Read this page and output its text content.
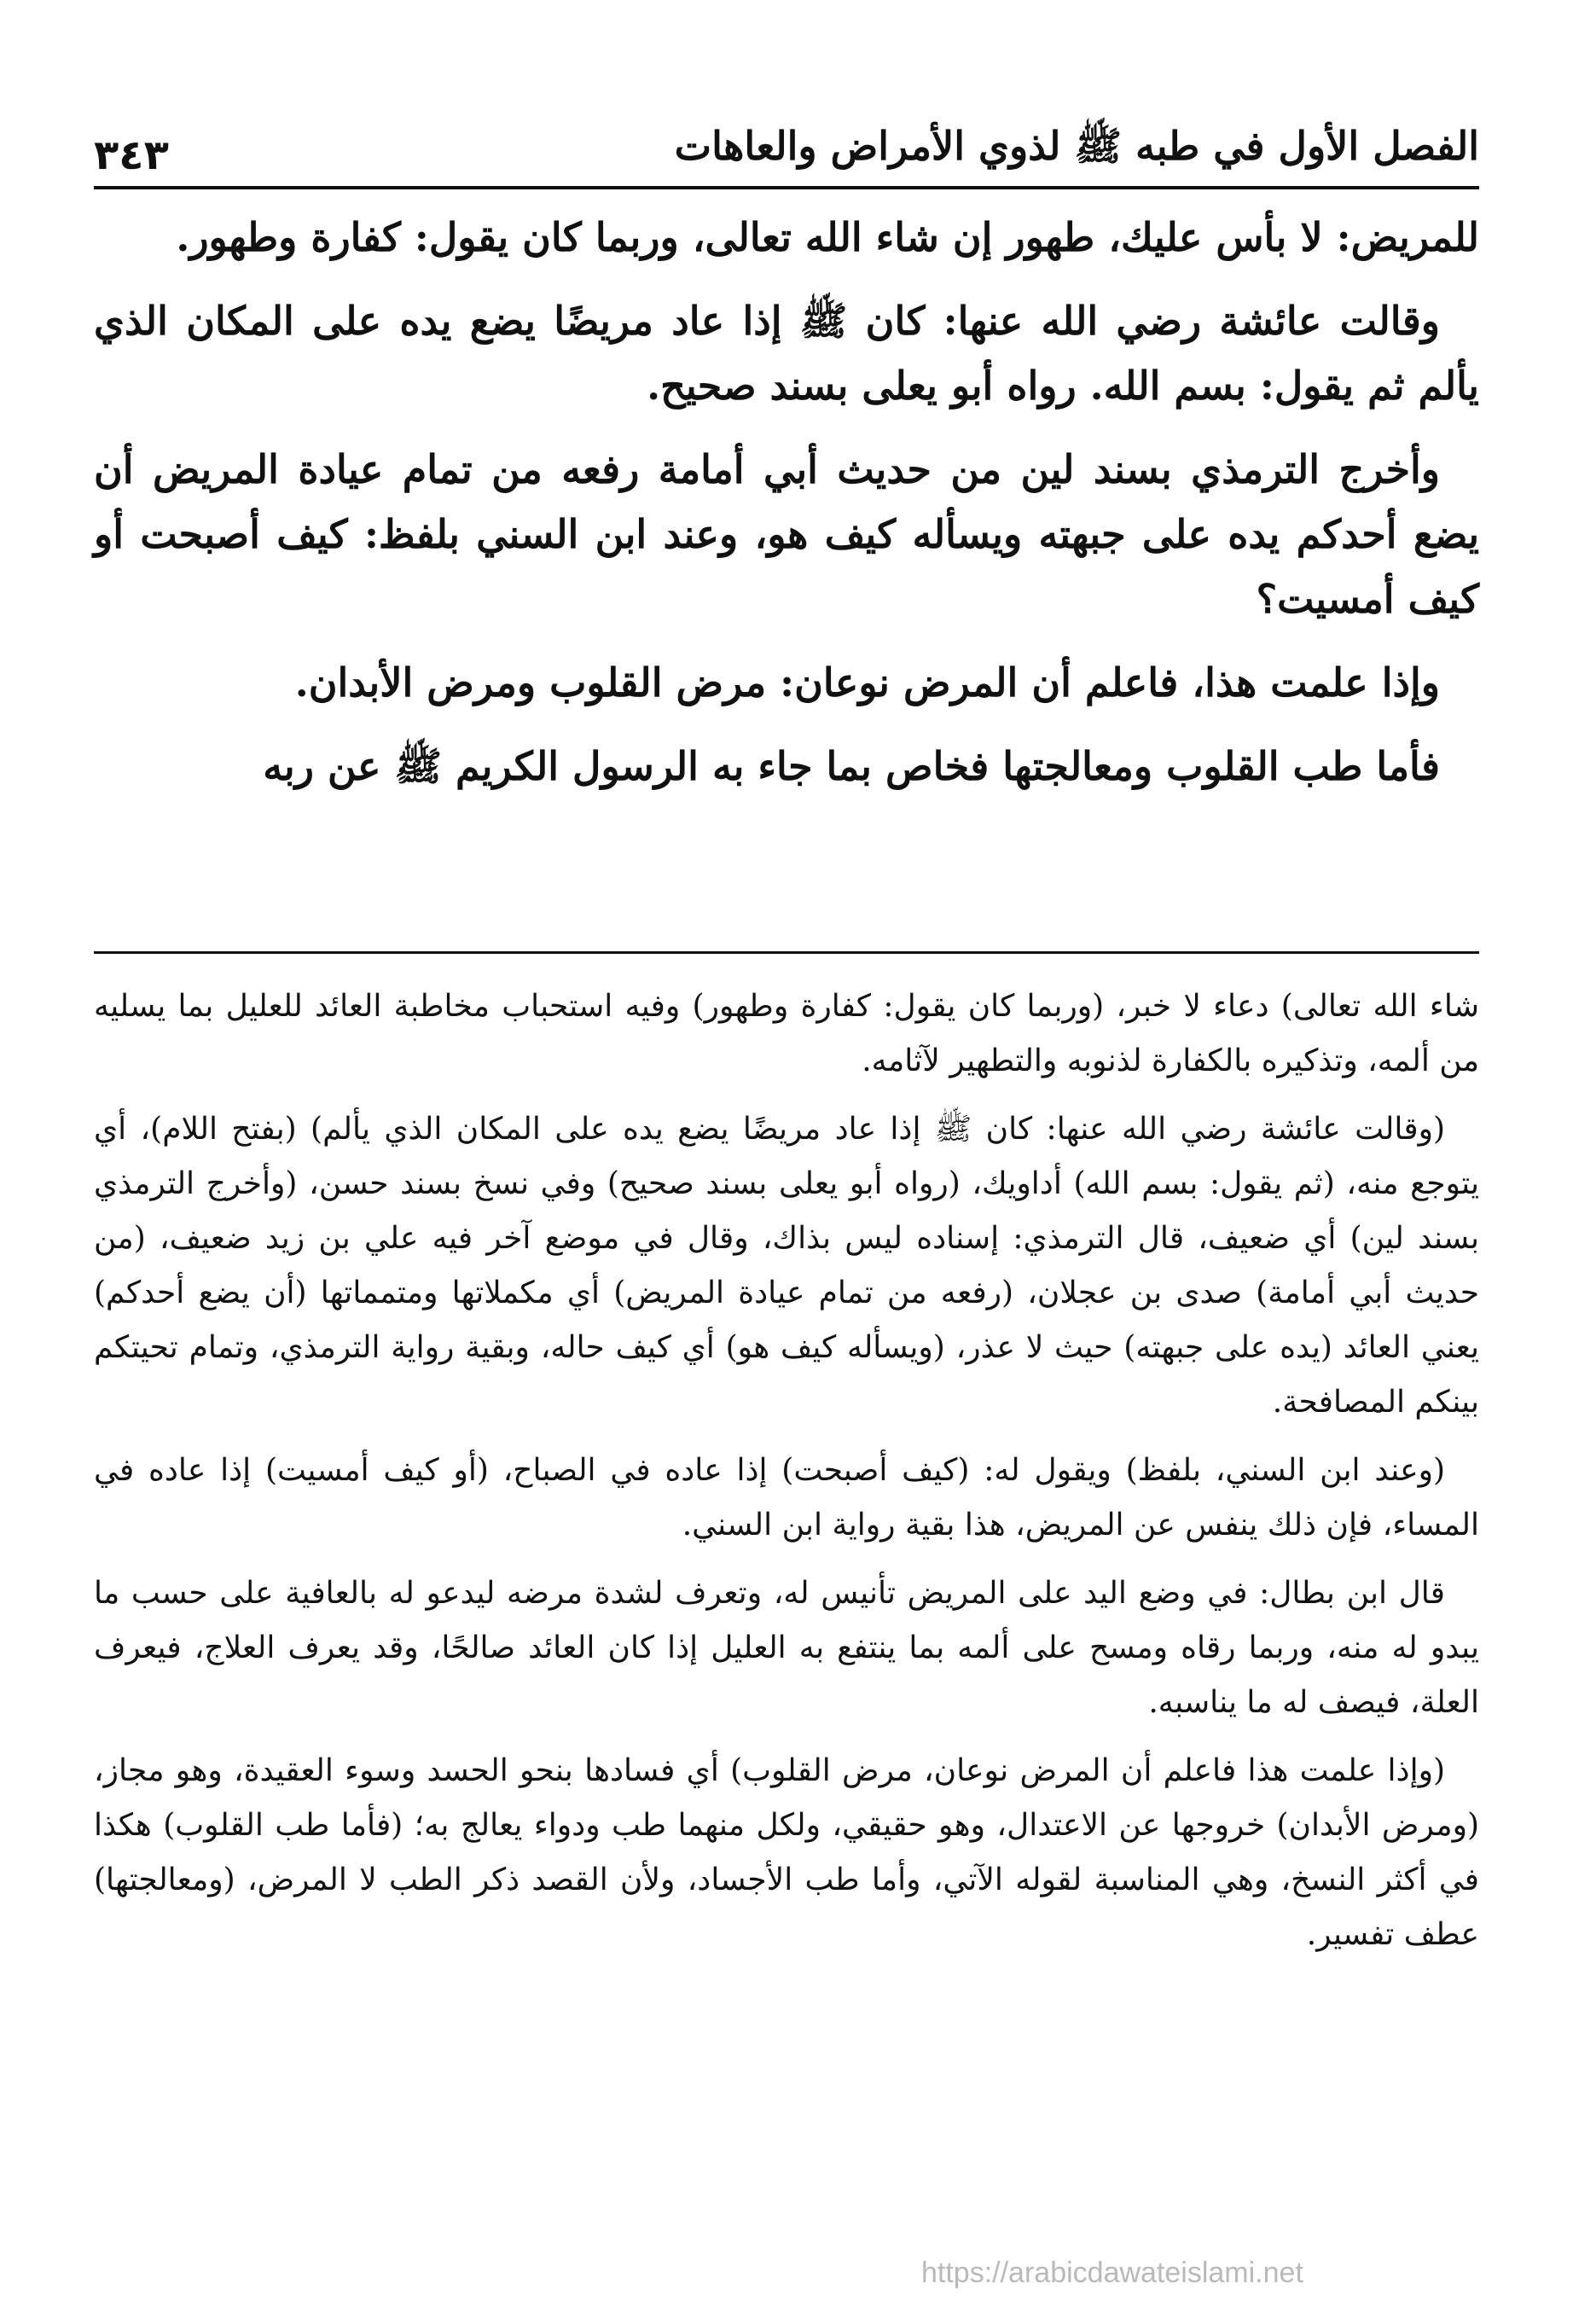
الفصل الأول في طبه ﷺ لذوي الأمراض والعاهات
٣٤٣

للمريض: لا بأس عليك، طهور إن شاء الله تعالى، وربما كان يقول: كفارة وطهور.

وقالت عائشة رضي الله عنها: كان ﷺ إذا عاد مريضًا يضع يده على المكان الذي يألم ثم يقول: بسم الله. رواه أبو يعلى بسند صحيح.

وأخرج الترمذي بسند لين من حديث أبي أمامة رفعه من تمام عيادة المريض أن يضع أحدكم يده على جبهته ويسأله كيف هو، وعند ابن السني بلفظ: كيف أصبحت أو كيف أمسيت؟

وإذا علمت هذا، فاعلم أن المرض نوعان: مرض القلوب ومرض الأبدان.

فأما طب القلوب ومعالجتها فخاص بما جاء به الرسول الكريم ﷺ عن ربه

شاء الله تعالى) دعاء لا خبر، (وربما كان يقول: كفارة وطهور) وفيه استحباب مخاطبة العائد للعليل بما يسليه من ألمه، وتذكيره بالكفارة لذنوبه والتطهير لآثامه.

(وقالت عائشة رضي الله عنها: كان ﷺ إذا عاد مريضًا يضع يده على المكان الذي يألم) (بفتح اللام)، أي يتوجع منه، (ثم يقول: بسم الله) أداويك، (رواه أبو يعلى بسند صحيح) وفي نسخ بسند حسن، (وأخرج الترمذي بسند لين) أي ضعيف، قال الترمذي: إسناده ليس بذاك، وقال في موضع آخر فيه علي بن زيد ضعيف، (من حديث أبي أمامة) صدى بن عجلان، (رفعه من تمام عيادة المريض) أي مكملاتها ومتمماتها (أن يضع أحدكم) يعني العائد (يده على جبهته) حيث لا عذر، (ويسأله كيف هو) أي كيف حاله، وبقية رواية الترمذي، وتمام تحيتكم بينكم المصافحة.

(وعند ابن السني، بلفظ) ويقول له: (كيف أصبحت) إذا عاده في الصباح، (أو كيف أمسيت) إذا عاده في المساء، فإن ذلك ينفس عن المريض، هذا بقية رواية ابن السني.

قال ابن بطال: في وضع اليد على المريض تأنيس له، وتعرف لشدة مرضه ليدعو له بالعافية على حسب ما يبدو له منه، وربما رقاه ومسح على ألمه بما ينتفع به العليل إذا كان العائد صالحًا، وقد يعرف العلاج، فيعرف العلة، فيصف له ما يناسبه.

(وإذا علمت هذا فاعلم أن المرض نوعان، مرض القلوب) أي فسادها بنحو الحسد وسوء العقيدة، وهو مجاز، (ومرض الأبدان) خروجها عن الاعتدال، وهو حقيقي، ولكل منهما طب ودواء يعالج به؛ (فأما طب القلوب) هكذا في أكثر النسخ، وهي المناسبة لقوله الآتي، وأما طب الأجساد، ولأن القصد ذكر الطب لا المرض، (ومعالجتها) عطف تفسير.

https://arabicdawateislami.net
